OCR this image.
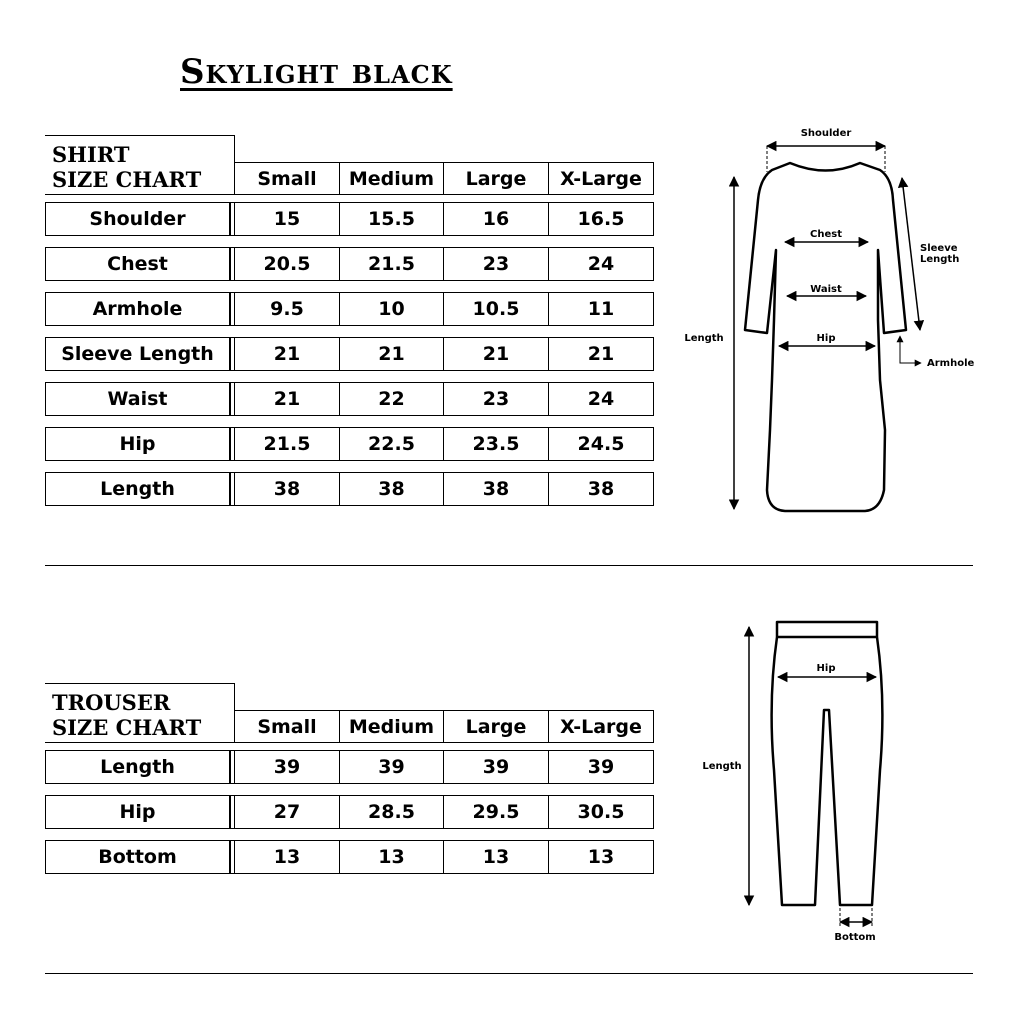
Skylight black
SHIRT
SIZE CHART	Small	Medium	Large	X-Large
Shoulder	15	15.5	16	16.5
Chest	20.5	21.5	23	24
Armhole	9.5	10	10.5	11
Sleeve Length	21	21	21	21
Waist	21	22	23	24
Hip	21.5	22.5	23.5	24.5
Length	38	38	38	38
TROUSER
SIZE CHART	Small	Medium	Large	X-Large
Length	39	39	39	39
Hip	27	28.5	29.5	30.5
Bottom	13	13	13	13
Shoulder
Chest
Waist
Hip
Length
Sleeve
Length
Armhole
Hip
Length
Bottom
